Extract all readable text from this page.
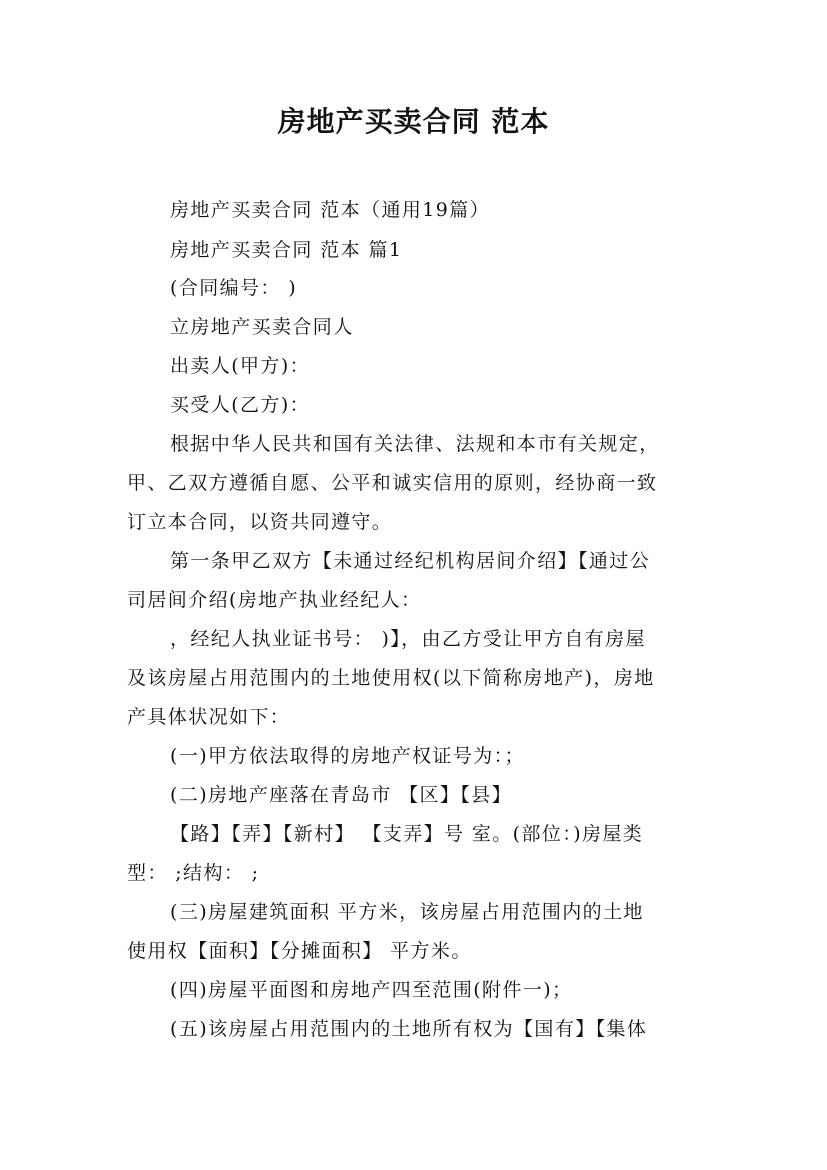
房地产买卖合同 范本

房地产买卖合同 范本（通用19篇）

房地产买卖合同 范本 篇1

(合同编号： )

立房地产买卖合同人

出卖人(甲方)：

买受人(乙方)：

根据中华人民共和国有关法律、法规和本市有关规定，

甲、乙双方遵循自愿、公平和诚实信用的原则，经协商一致

订立本合同，以资共同遵守。

第一条甲乙双方【未通过经纪机构居间介绍】【通过公

司居间介绍(房地产执业经纪人：

，经纪人执业证书号： )】，由乙方受让甲方自有房屋

及该房屋占用范围内的土地使用权(以下简称房地产)，房地

产具体状况如下：

(一)甲方依法取得的房地产权证号为：；

(二)房地产座落在青岛市 【区】【县】

【路】【弄】【新村】 【支弄】号 室。(部位：)房屋类

型： ;结构： ;

(三)房屋建筑面积 平方米，该房屋占用范围内的土地

使用权【面积】【分摊面积】 平方米。

(四)房屋平面图和房地产四至范围(附件一)；

(五)该房屋占用范围内的土地所有权为【国有】【集体
